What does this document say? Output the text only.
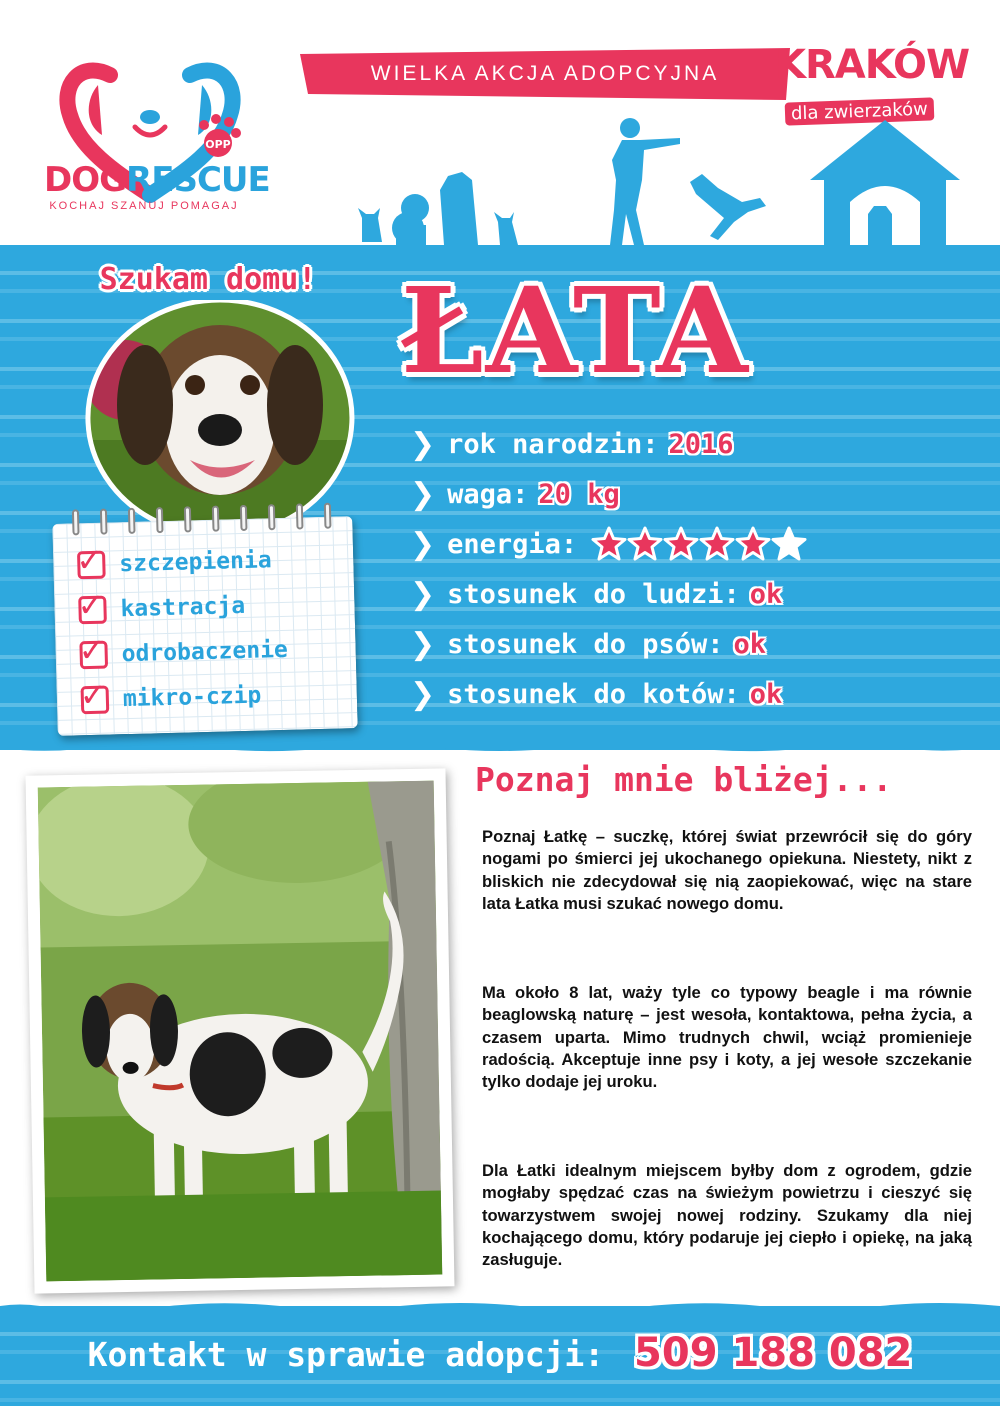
OPP
DOGRESCUE
KOCHAJ SZANUJ POMAGAJ
WIELKA AKCJA ADOPCYJNA	KRAKÓW
dla zwierzaków
Szukam domu!
✓ szczepienia
✓ kastracja
✓ odrobaczenie
✓ mikro-czip
ŁATA
❯ rok narodzin: 2016
❯ waga: 20 kg
❯ energia:
❯ stosunek do ludzi: ok
❯ stosunek do psów: ok
❯ stosunek do kotów: ok
Poznaj mnie bliżej...

Poznaj Łatkę – suczkę, której świat przewrócił się do góry nogami po śmierci jej ukochanego opiekuna. Niestety, nikt z bliskich nie zdecydował się nią zaopiekować, więc na stare lata Łatka musi szukać nowego domu.

Ma około 8 lat, waży tyle co typowy beagle i ma równie beaglowską naturę – jest wesoła, kontaktowa, pełna życia, a czasem uparta. Mimo trudnych chwil, wciąż promienieje radością. Akceptuje inne psy i koty, a jej wesołe szczekanie tylko dodaje jej uroku.

Dla Łatki idealnym miejscem byłby dom z ogrodem, gdzie mogłaby spędzać czas na świeżym powietrzu i cieszyć się towarzystwem swojej nowej rodziny. Szukamy dla niej kochającego domu, który podaruje jej ciepło i opiekę, na jaką zasługuje.

Kontakt w sprawie adopcji: 509 188 082
